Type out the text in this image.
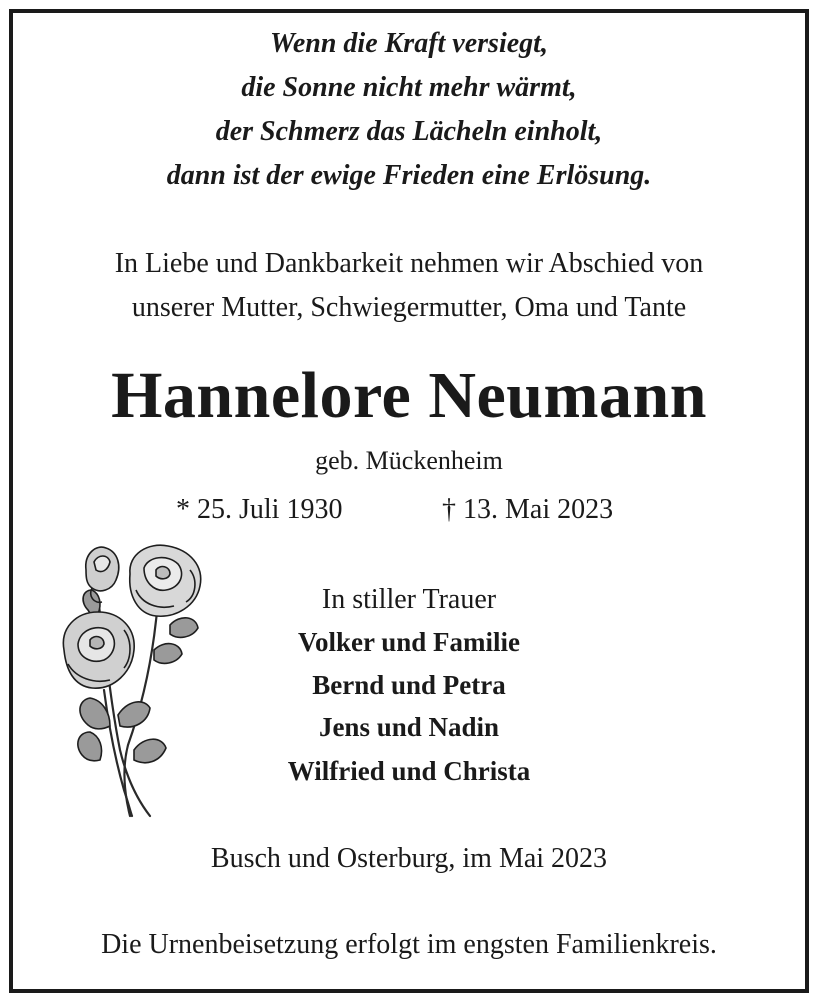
Wenn die Kraft versiegt,
die Sonne nicht mehr wärmt,
der Schmerz das Lächeln einholt,
dann ist der ewige Frieden eine Erlösung.
In Liebe und Dankbarkeit nehmen wir Abschied von
unserer Mutter, Schwiegermutter, Oma und Tante
Hannelore Neumann
geb. Mückenheim
* 25. Juli 1930	† 13. Mai 2023
In stiller Trauer
Volker und Familie
Bernd und Petra
Jens und Nadin
Wilfried und Christa
Busch und Osterburg, im Mai 2023
Die Urnenbeisetzung erfolgt im engsten Familienkreis.
